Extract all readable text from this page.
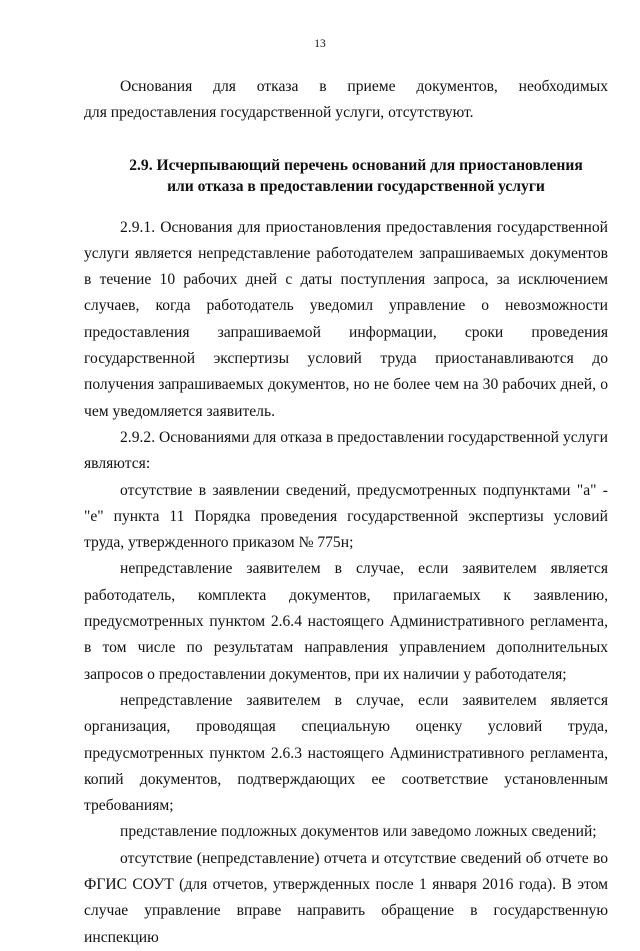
13

Основания для отказа в приеме документов, необходимых

для предоставления государственной услуги, отсутствуют.

2.9. Исчерпывающий перечень оснований для приостановления
или отказа в предоставлении государственной услуги

2.9.1. Основания для приостановления предоставления государственной услуги является непредставление работодателем запрашиваемых документов в течение 10 рабочих дней с даты поступления запроса, за исключением случаев, когда работодатель уведомил управление о невозможности предоставления запрашиваемой информации, сроки проведения государственной экспертизы условий труда приостанавливаются до получения запрашиваемых документов, но не более чем на 30 рабочих дней, о чем уведомляется заявитель.

2.9.2. Основаниями для отказа в предоставлении государственной услуги являются:

отсутствие в заявлении сведений, предусмотренных подпунктами "а" - "е" пункта 11 Порядка проведения государственной экспертизы условий труда, утвержденного приказом № 775н;

непредставление заявителем в случае, если заявителем является работодатель, комплекта документов, прилагаемых к заявлению, предусмотренных пунктом 2.6.4 настоящего Административного регламента, в том числе по результатам направления управлением дополнительных запросов о предоставлении документов, при их наличии у работодателя;

непредставление заявителем в случае, если заявителем является организация, проводящая специальную оценку условий труда, предусмотренных пунктом 2.6.3 настоящего Административного регламента, копий документов, подтверждающих ее соответствие установленным требованиям;

представление подложных документов или заведомо ложных сведений;

отсутствие (непредставление) отчета и отсутствие сведений об отчете во ФГИС СОУТ (для отчетов, утвержденных после 1 января 2016 года). В этом случае управление вправе направить обращение в государственную инспекцию
